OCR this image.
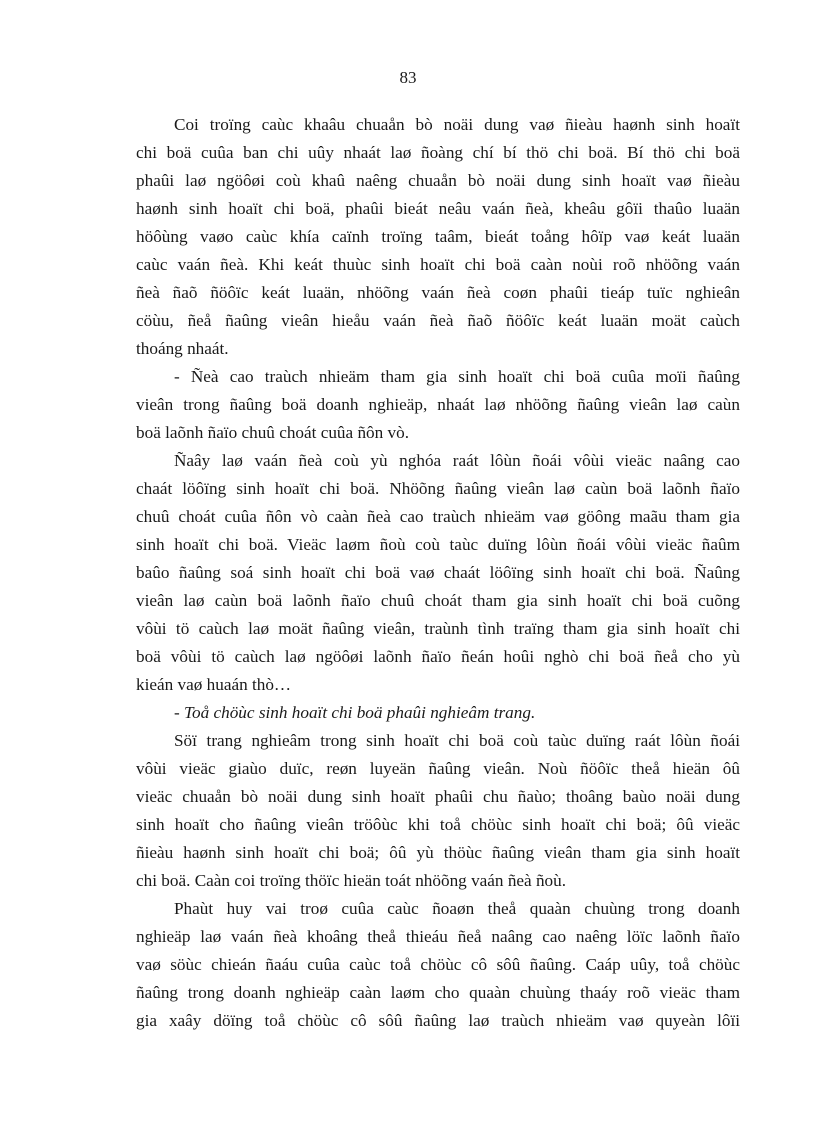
83
Coi troïng caùc khaâu chuaån bò noäi dung vaø ñieàu haønh sinh hoaït
chi boä cuûa ban chi uûy nhaát laø ñoàng chí bí thö chi boä. Bí thö chi boä
phaûi laø ngöôøi coù khaû naêng chuaån bò noäi dung sinh hoaït vaø ñieàu
haønh sinh hoaït chi boä, phaûi bieát neâu vaán ñeà, kheâu gôïi thaûo luaän
höôùng vaøo caùc khía caïnh troïng taâm, bieát toång hôïp vaø keát luaän
caùc vaán ñeà. Khi keát thuùc sinh hoaït chi boä caàn noùi roõ nhöõng vaán
ñeà ñaõ ñöôïc keát luaän, nhöõng vaán ñeà coøn phaûi tieáp tuïc nghieân
cöùu, ñeå ñaûng vieân hieåu vaán ñeà ñaõ ñöôïc keát luaän moät caùch
thoáng nhaát.
- Ñeà cao traùch nhieäm tham gia sinh hoaït chi boä cuûa moïi ñaûng
vieân trong ñaûng boä doanh nghieäp, nhaát laø nhöõng ñaûng vieân laø caùn
boä laõnh ñaïo chuû choát cuûa ñôn vò.
Ñaây laø vaán ñeà coù yù nghóa raát lôùn ñoái vôùi vieäc naâng cao
chaát löôïng sinh hoaït chi boä. Nhöõng ñaûng vieân laø caùn boä laõnh ñaïo
chuû choát cuûa ñôn vò caàn ñeà cao traùch nhieäm vaø göông maãu tham gia
sinh hoaït chi boä. Vieäc laøm ñoù coù taùc duïng lôùn ñoái vôùi vieäc ñaûm
baûo ñaûng soá sinh hoaït chi boä vaø chaát löôïng sinh hoaït chi boä. Ñaûng
vieân laø caùn boä laõnh ñaïo chuû choát tham gia sinh hoaït chi boä cuõng
vôùi tö caùch laø moät ñaûng vieân, traùnh tình traïng tham gia sinh hoaït chi
boä vôùi tö caùch laø ngöôøi laõnh ñaïo ñeán hoûi nghò chi boä ñeå cho yù
kieán vaø huaán thò…
- Toå chöùc sinh hoaït chi boä phaûi nghieâm trang.
Söï trang nghieâm trong sinh hoaït chi boä coù taùc duïng raát lôùn ñoái
vôùi vieäc giaùo duïc, reøn luyeän ñaûng vieân. Noù ñöôïc theå hieän ôû
vieäc chuaån bò noäi dung sinh hoaït phaûi chu ñaùo; thoâng baùo noäi dung
sinh hoaït cho ñaûng vieân tröôùc khi toå chöùc sinh hoaït chi boä; ôû vieäc
ñieàu haønh sinh hoaït chi boä; ôû yù thöùc ñaûng vieân tham gia sinh hoaït
chi boä. Caàn coi troïng thöïc hieän toát nhöõng vaán ñeà ñoù.
Phaùt huy vai troø cuûa caùc ñoaøn theå quaàn chuùng trong doanh
nghieäp laø vaán ñeà khoâng theå thieáu ñeå naâng cao naêng löïc laõnh ñaïo
vaø söùc chieán ñaáu cuûa caùc toå chöùc cô sôû ñaûng. Caáp uûy, toå chöùc
ñaûng trong doanh nghieäp caàn laøm cho quaàn chuùng thaáy roõ vieäc tham
gia xaây döïng toå chöùc cô sôû ñaûng laø traùch nhieäm vaø quyeàn lôïi
